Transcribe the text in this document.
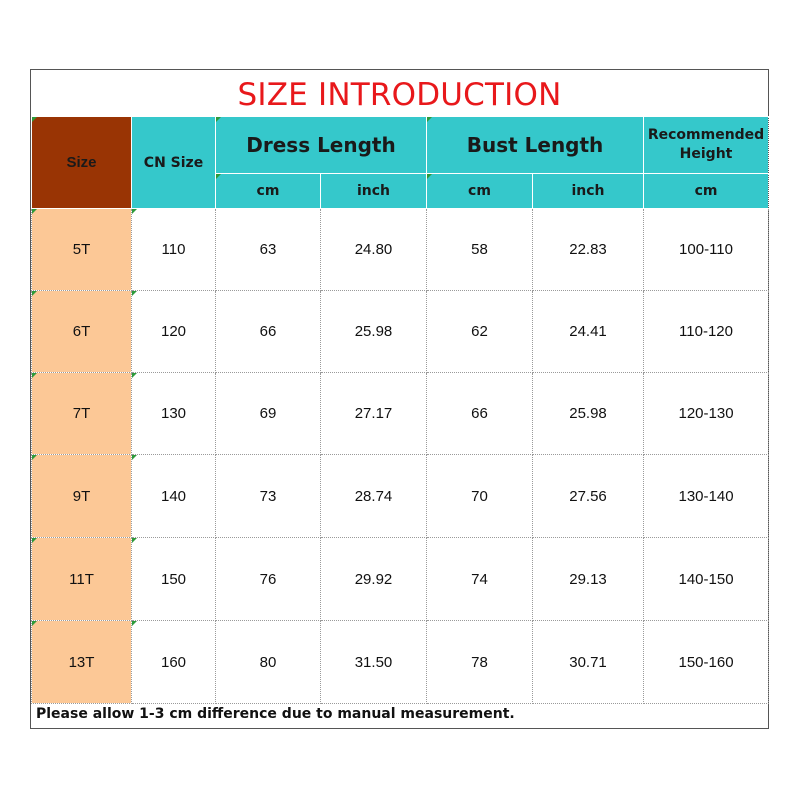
SIZE INTRODUCTION
Size	CN Size	Dress Length		Bust Length		Recommended Height
		cm	inch	cm	inch	cm
5T	110	63	24.80	58	22.83	100-110
6T	120	66	25.98	62	24.41	110-120
7T	130	69	27.17	66	25.98	120-130
9T	140	73	28.74	70	27.56	130-140
11T	150	76	29.92	74	29.13	140-150
13T	160	80	31.50	78	30.71	150-160
Please allow 1-3 cm difference due to manual measurement.
